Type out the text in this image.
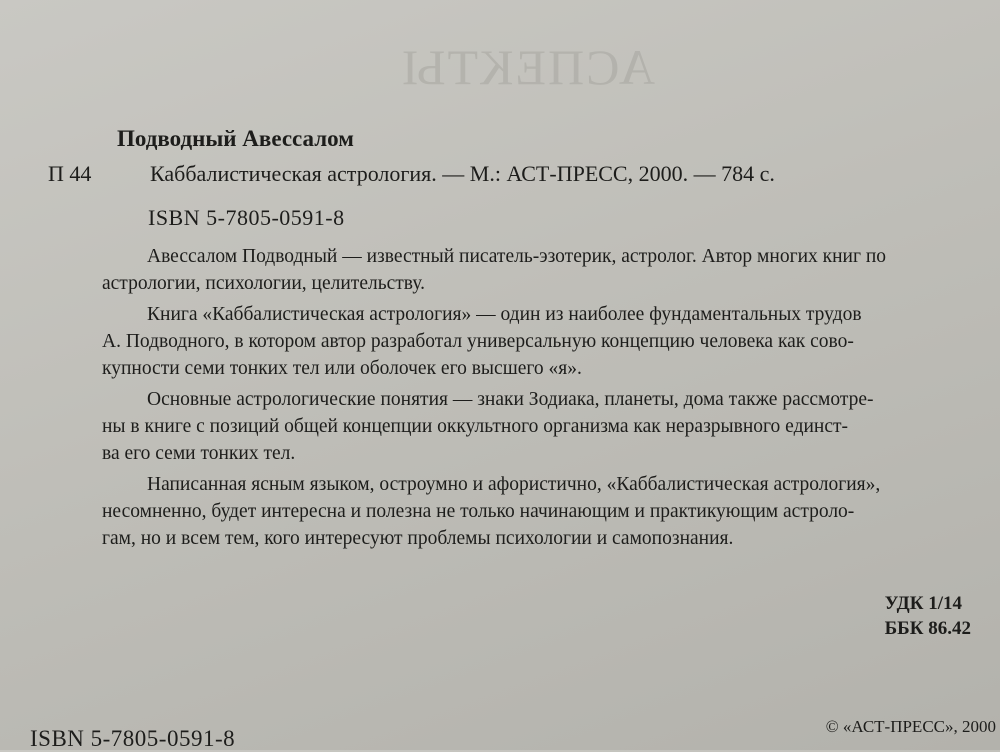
АСПЕКТЫ
Подводный Авессалом
П 44	Каббалистическая астрология. — М.: АСТ-ПРЕСС, 2000. — 784 с.
ISBN 5-7805-0591-8

Авессалом Подводный — известный писатель-эзотерик, астролог. Автор многих книг по
астрологии, психологии, целительству.

Книга «Каббалистическая астрология» — один из наиболее фундаментальных трудов
А. Подводного, в котором автор разработал универсальную концепцию человека как сово-
купности семи тонких тел или оболочек его высшего «я».

Основные астрологические понятия — знаки Зодиака, планеты, дома также рассмотре-
ны в книге с позиций общей концепции оккультного организма как неразрывного единст-
ва его семи тонких тел.

Написанная ясным языком, остроумно и афористично, «Каббалистическая астрология»,
несомненно, будет интересна и полезна не только начинающим и практикующим астроло-
гам, но и всем тем, кого интересуют проблемы психологии и самопознания.

УДК 1/14
ББК 86.42
ISBN 5-7805-0591-8	© «АСТ-ПРЕСС», 2000
